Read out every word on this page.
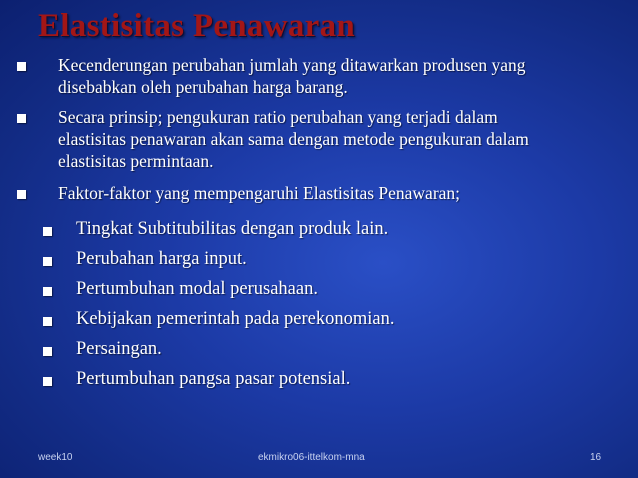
Elastisitas Penawaran
Kecenderungan perubahan jumlah yang ditawarkan produsen yang
disebabkan oleh perubahan harga barang.
Secara prinsip; pengukuran ratio perubahan yang terjadi dalam
elastisitas penawaran akan sama dengan metode pengukuran dalam
elastisitas permintaan.
Faktor-faktor yang mempengaruhi Elastisitas Penawaran;
Tingkat Subtitubilitas dengan produk lain.
Perubahan harga input.
Pertumbuhan modal perusahaan.
Kebijakan pemerintah pada perekonomian.
Persaingan.
Pertumbuhan pangsa pasar potensial.
week10	ekmikro06-ittelkom-mna	16
